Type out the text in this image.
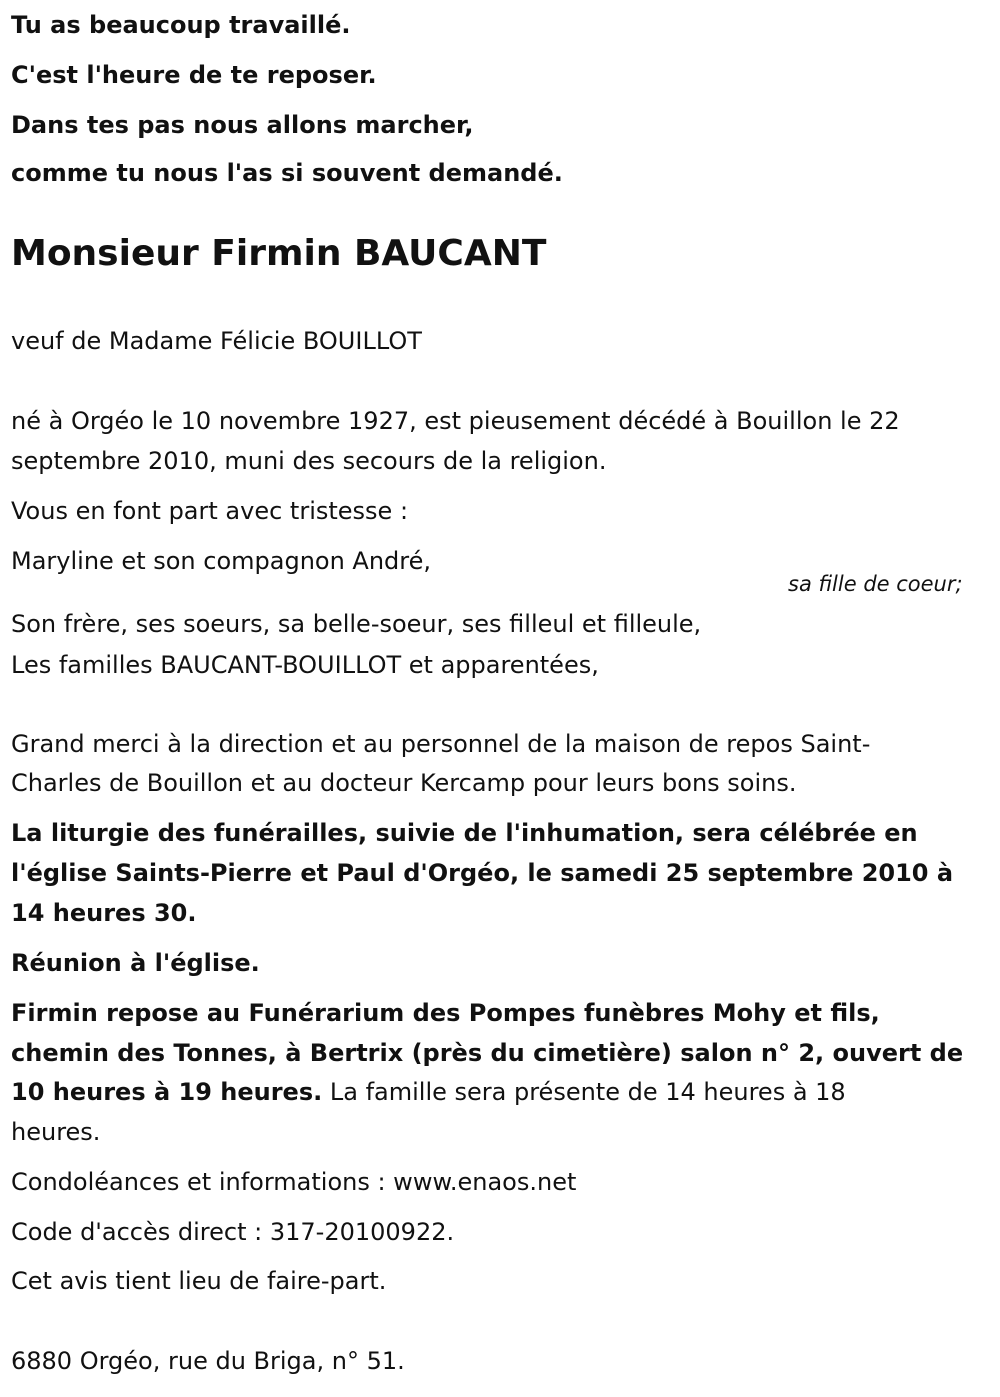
Tu as beaucoup travaillé.
C'est l'heure de te reposer.
Dans tes pas nous allons marcher,
comme tu nous l'as si souvent demandé.
Monsieur Firmin BAUCANT
veuf de Madame Félicie BOUILLOT
né à Orgéo le 10 novembre 1927, est pieusement décédé à Bouillon le 22
septembre 2010, muni des secours de la religion.
Vous en font part avec tristesse :
Maryline et son compagnon André,
sa fille de coeur;
Son frère, ses soeurs, sa belle-soeur, ses filleul et filleule,
Les familles BAUCANT-BOUILLOT et apparentées,
Grand merci à la direction et au personnel de la maison de repos Saint-
Charles de Bouillon et au docteur Kercamp pour leurs bons soins.
La liturgie des funérailles, suivie de l'inhumation, sera célébrée en
l'église Saints-Pierre et Paul d'Orgéo, le samedi 25 septembre 2010 à
14 heures 30.
Réunion à l'église.
Firmin repose au Funérarium des Pompes funèbres Mohy et fils,
chemin des Tonnes, à Bertrix (près du cimetière) salon n° 2, ouvert de
10 heures à 19 heures. La famille sera présente de 14 heures à 18
heures.
Condoléances et informations : www.enaos.net
Code d'accès direct : 317-20100922.
Cet avis tient lieu de faire-part.
6880 Orgéo, rue du Briga, n° 51.
